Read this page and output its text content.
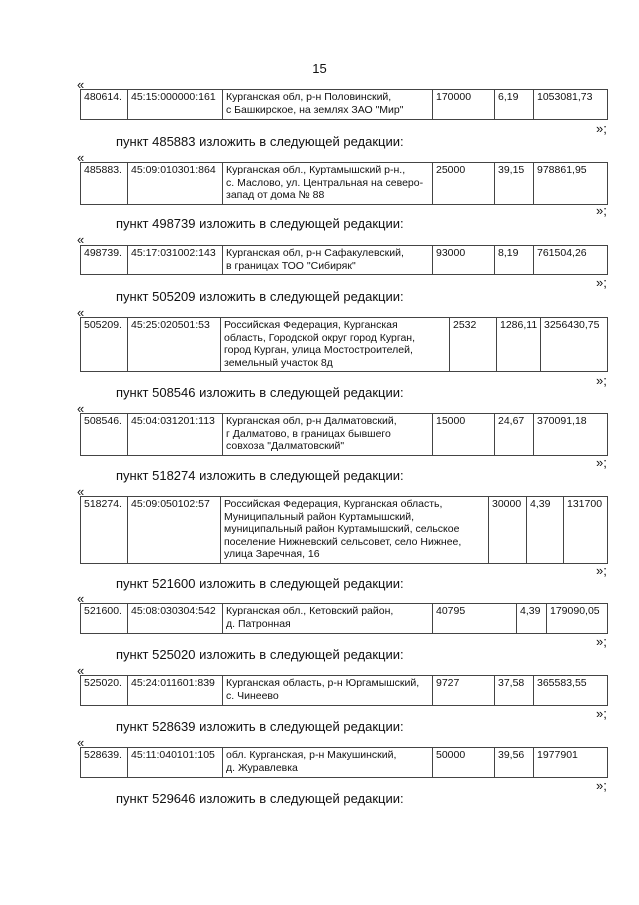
15
«
480614.	45:15:000000:161	Курганская обл, р-н Половинский,
с Башкирское, на землях ЗАО "Мир"
	170000	6,19	1053081,73
»;
пункт 485883 изложить в следующей редакции:
«
485883.	45:09:010301:864	Курганская обл., Куртамышский р-н.,
с. Маслово, ул. Центральная на северо-
запад от дома № 88
	25000	39,15	978861,95
»;
пункт 498739 изложить в следующей редакции:
«
498739.	45:17:031002:143	Курганская обл, р-н Сафакулевский,
в границах ТОО "Сибиряк"
	93000	8,19	761504,26
»;
пункт 505209 изложить в следующей редакции:
«
505209.	45:25:020501:53	Российская Федерация, Курганская
область, Городской округ город Курган,
город Курган, улица Мостостроителей,
земельный участок 8д
	2532	1286,11	3256430,75
»;
пункт 508546 изложить в следующей редакции:
«
508546.	45:04:031201:113	Курганская обл, р-н Далматовский,
г Далматово, в границах бывшего
совхоза "Далматовский"
	15000	24,67	370091,18
»;
пункт 518274 изложить в следующей редакции:
«
518274.	45:09:050102:57	Российская Федерация, Курганская область,
Муниципальный район Куртамышский,
муниципальный район Куртамышский, сельское
поселение Нижневский сельсовет, село Нижнее,
улица Заречная, 16
	30000	4,39	131700
»;
пункт 521600 изложить в следующей редакции:
«
521600.	45:08:030304:542	Курганская обл., Кетовский район,
д. Патронная
	40795	4,39	179090,05
»;
пункт 525020 изложить в следующей редакции:
«
525020.	45:24:011601:839	Курганская область, р-н Юргамышский,
с. Чинеево
	9727	37,58	365583,55
»;
пункт 528639 изложить в следующей редакции:
«
528639.	45:11:040101:105	обл. Курганская, р-н Макушинский,
д. Журавлевка
	50000	39,56	1977901
»;
пункт 529646 изложить в следующей редакции:
